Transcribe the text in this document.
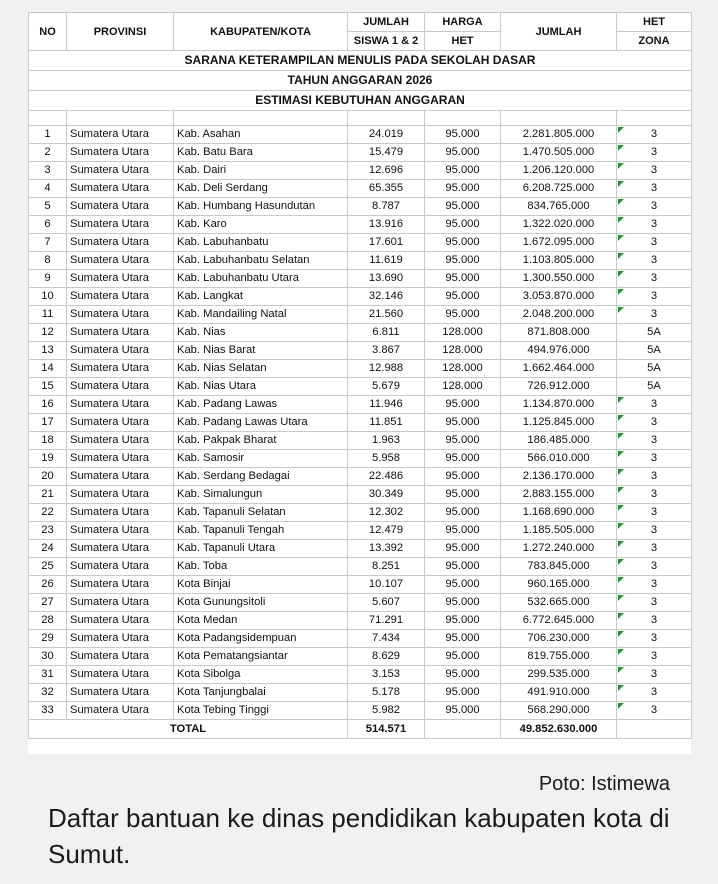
SARANA KETERAMPILAN MENULIS PADA SEKOLAH DASAR						
TAHUN ANGGARAN 2026						
ESTIMASI KEBUTUHAN ANGGARAN						

NO	PROVINSI	KABUPATEN/KOTA	JUMLAH	HARGA	JUMLAH	HET
			SISWA 1 & 2	HET		ZONA
1	Sumatera Utara	Kab. Asahan	24.019	95.000	2.281.805.000	3
2	Sumatera Utara	Kab. Batu Bara	15.479	95.000	1.470.505.000	3
3	Sumatera Utara	Kab. Dairi	12.696	95.000	1.206.120.000	3
4	Sumatera Utara	Kab. Deli Serdang	65.355	95.000	6.208.725.000	3
5	Sumatera Utara	Kab. Humbang Hasundutan	8.787	95.000	834.765.000	3
6	Sumatera Utara	Kab. Karo	13.916	95.000	1.322.020.000	3
7	Sumatera Utara	Kab. Labuhanbatu	17.601	95.000	1.672.095.000	3
8	Sumatera Utara	Kab. Labuhanbatu Selatan	11.619	95.000	1.103.805.000	3
9	Sumatera Utara	Kab. Labuhanbatu Utara	13.690	95.000	1.300.550.000	3
10	Sumatera Utara	Kab. Langkat	32.146	95.000	3.053.870.000	3
11	Sumatera Utara	Kab. Mandailing Natal	21.560	95.000	2.048.200.000	3
12	Sumatera Utara	Kab. Nias	6.811	128.000	871.808.000	5A
13	Sumatera Utara	Kab. Nias Barat	3.867	128.000	494.976.000	5A
14	Sumatera Utara	Kab. Nias Selatan	12.988	128.000	1.662.464.000	5A
15	Sumatera Utara	Kab. Nias Utara	5.679	128.000	726.912.000	5A
16	Sumatera Utara	Kab. Padang Lawas	11.946	95.000	1.134.870.000	3
17	Sumatera Utara	Kab. Padang Lawas Utara	11.851	95.000	1.125.845.000	3
18	Sumatera Utara	Kab. Pakpak Bharat	1.963	95.000	186.485.000	3
19	Sumatera Utara	Kab. Samosir	5.958	95.000	566.010.000	3
20	Sumatera Utara	Kab. Serdang Bedagai	22.486	95.000	2.136.170.000	3
21	Sumatera Utara	Kab. Simalungun	30.349	95.000	2.883.155.000	3
22	Sumatera Utara	Kab. Tapanuli Selatan	12.302	95.000	1.168.690.000	3
23	Sumatera Utara	Kab. Tapanuli Tengah	12.479	95.000	1.185.505.000	3
24	Sumatera Utara	Kab. Tapanuli Utara	13.392	95.000	1.272.240.000	3
25	Sumatera Utara	Kab. Toba	8.251	95.000	783.845.000	3
26	Sumatera Utara	Kota Binjai	10.107	95.000	960.165.000	3
27	Sumatera Utara	Kota Gunungsitoli	5.607	95.000	532.665.000	3
28	Sumatera Utara	Kota Medan	71.291	95.000	6.772.645.000	3
29	Sumatera Utara	Kota Padangsidempuan	7.434	95.000	706.230.000	3
30	Sumatera Utara	Kota Pematangsiantar	8.629	95.000	819.755.000	3
31	Sumatera Utara	Kota Sibolga	3.153	95.000	299.535.000	3
32	Sumatera Utara	Kota Tanjungbalai	5.178	95.000	491.910.000	3
33	Sumatera Utara	Kota Tebing Tinggi	5.982	95.000	568.290.000	3
TOTAL			514.571		49.852.630.000	
Poto: Istimewa
Daftar bantuan ke dinas pendidikan kabupaten kota di Sumut.
